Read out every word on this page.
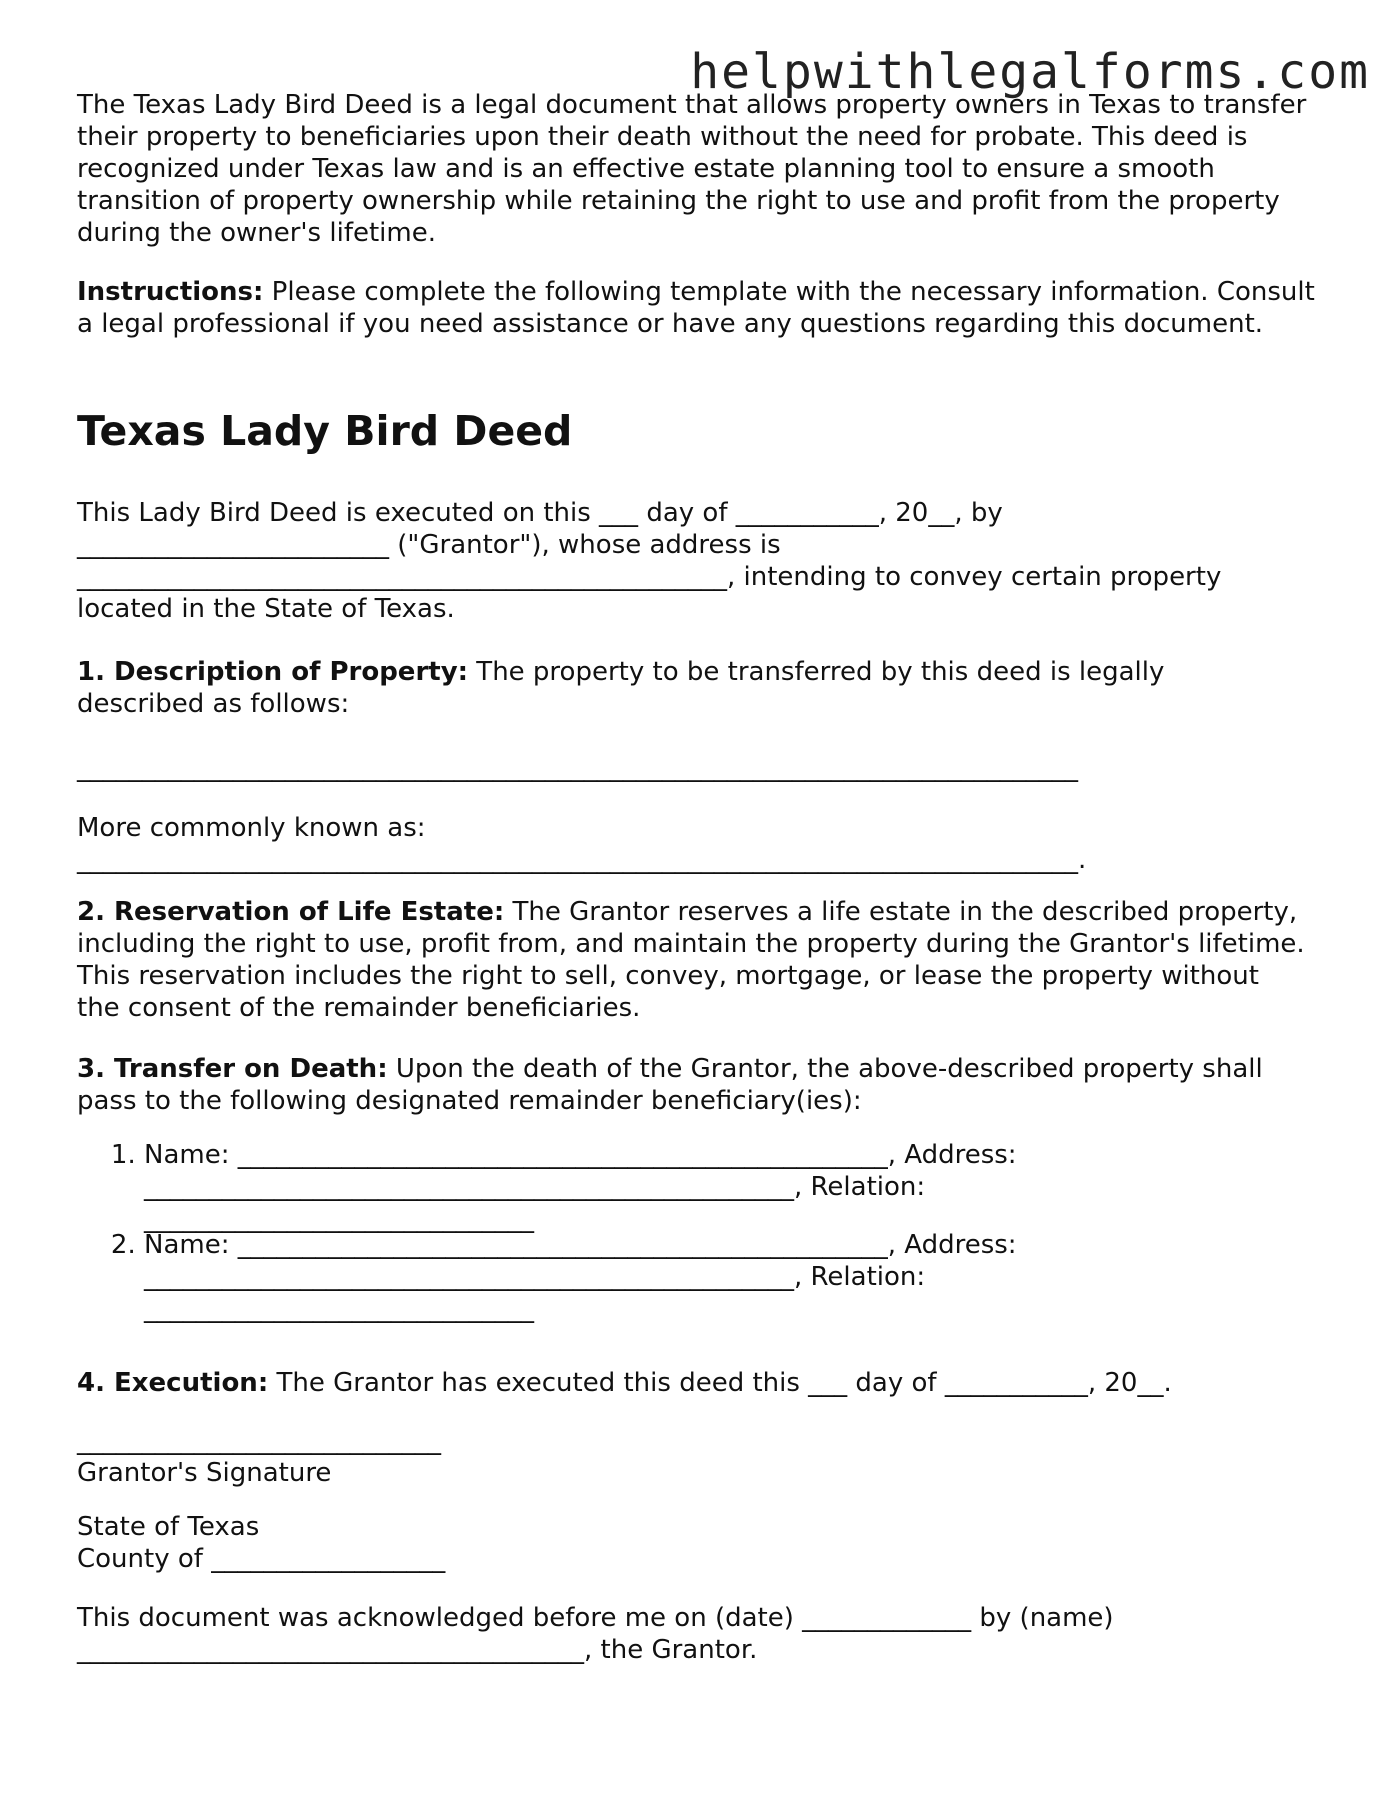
helpwithlegalforms.com

The Texas Lady Bird Deed is a legal document that allows property owners in Texas to transfer their property to beneficiaries upon their death without the need for probate. This deed is recognized under Texas law and is an effective estate planning tool to ensure a smooth transition of property ownership while retaining the right to use and profit from the property during the owner's lifetime.

Instructions: Please complete the following template with the necessary information. Consult a legal professional if you need assistance or have any questions regarding this document.

Texas Lady Bird Deed

This Lady Bird Deed is executed on this ___ day of ___________, 20__, by

________________________ ("Grantor"), whose address is

__________________________________________________, intending to convey certain property located in the State of Texas.

1. Description of Property: The property to be transferred by this deed is legally described as follows:

_____________________________________________________________________________

More commonly known as:

_____________________________________________________________________________.

2. Reservation of Life Estate: The Grantor reserves a life estate in the described property, including the right to use, profit from, and maintain the property during the Grantor's lifetime. This reservation includes the right to sell, convey, mortgage, or lease the property without the consent of the remainder beneficiaries.

3. Transfer on Death: Upon the death of the Grantor, the above-described property shall pass to the following designated remainder beneficiary(ies):

1. Name: __________________________________________________, Address:
__________________________________________________, Relation:
______________________________
2. Name: __________________________________________________, Address:
__________________________________________________, Relation:
______________________________

4. Execution: The Grantor has executed this deed this ___ day of ___________, 20__.

____________________________

Grantor's Signature

State of Texas

County of __________________

This document was acknowledged before me on (date) _____________ by (name)

_______________________________________, the Grantor.
